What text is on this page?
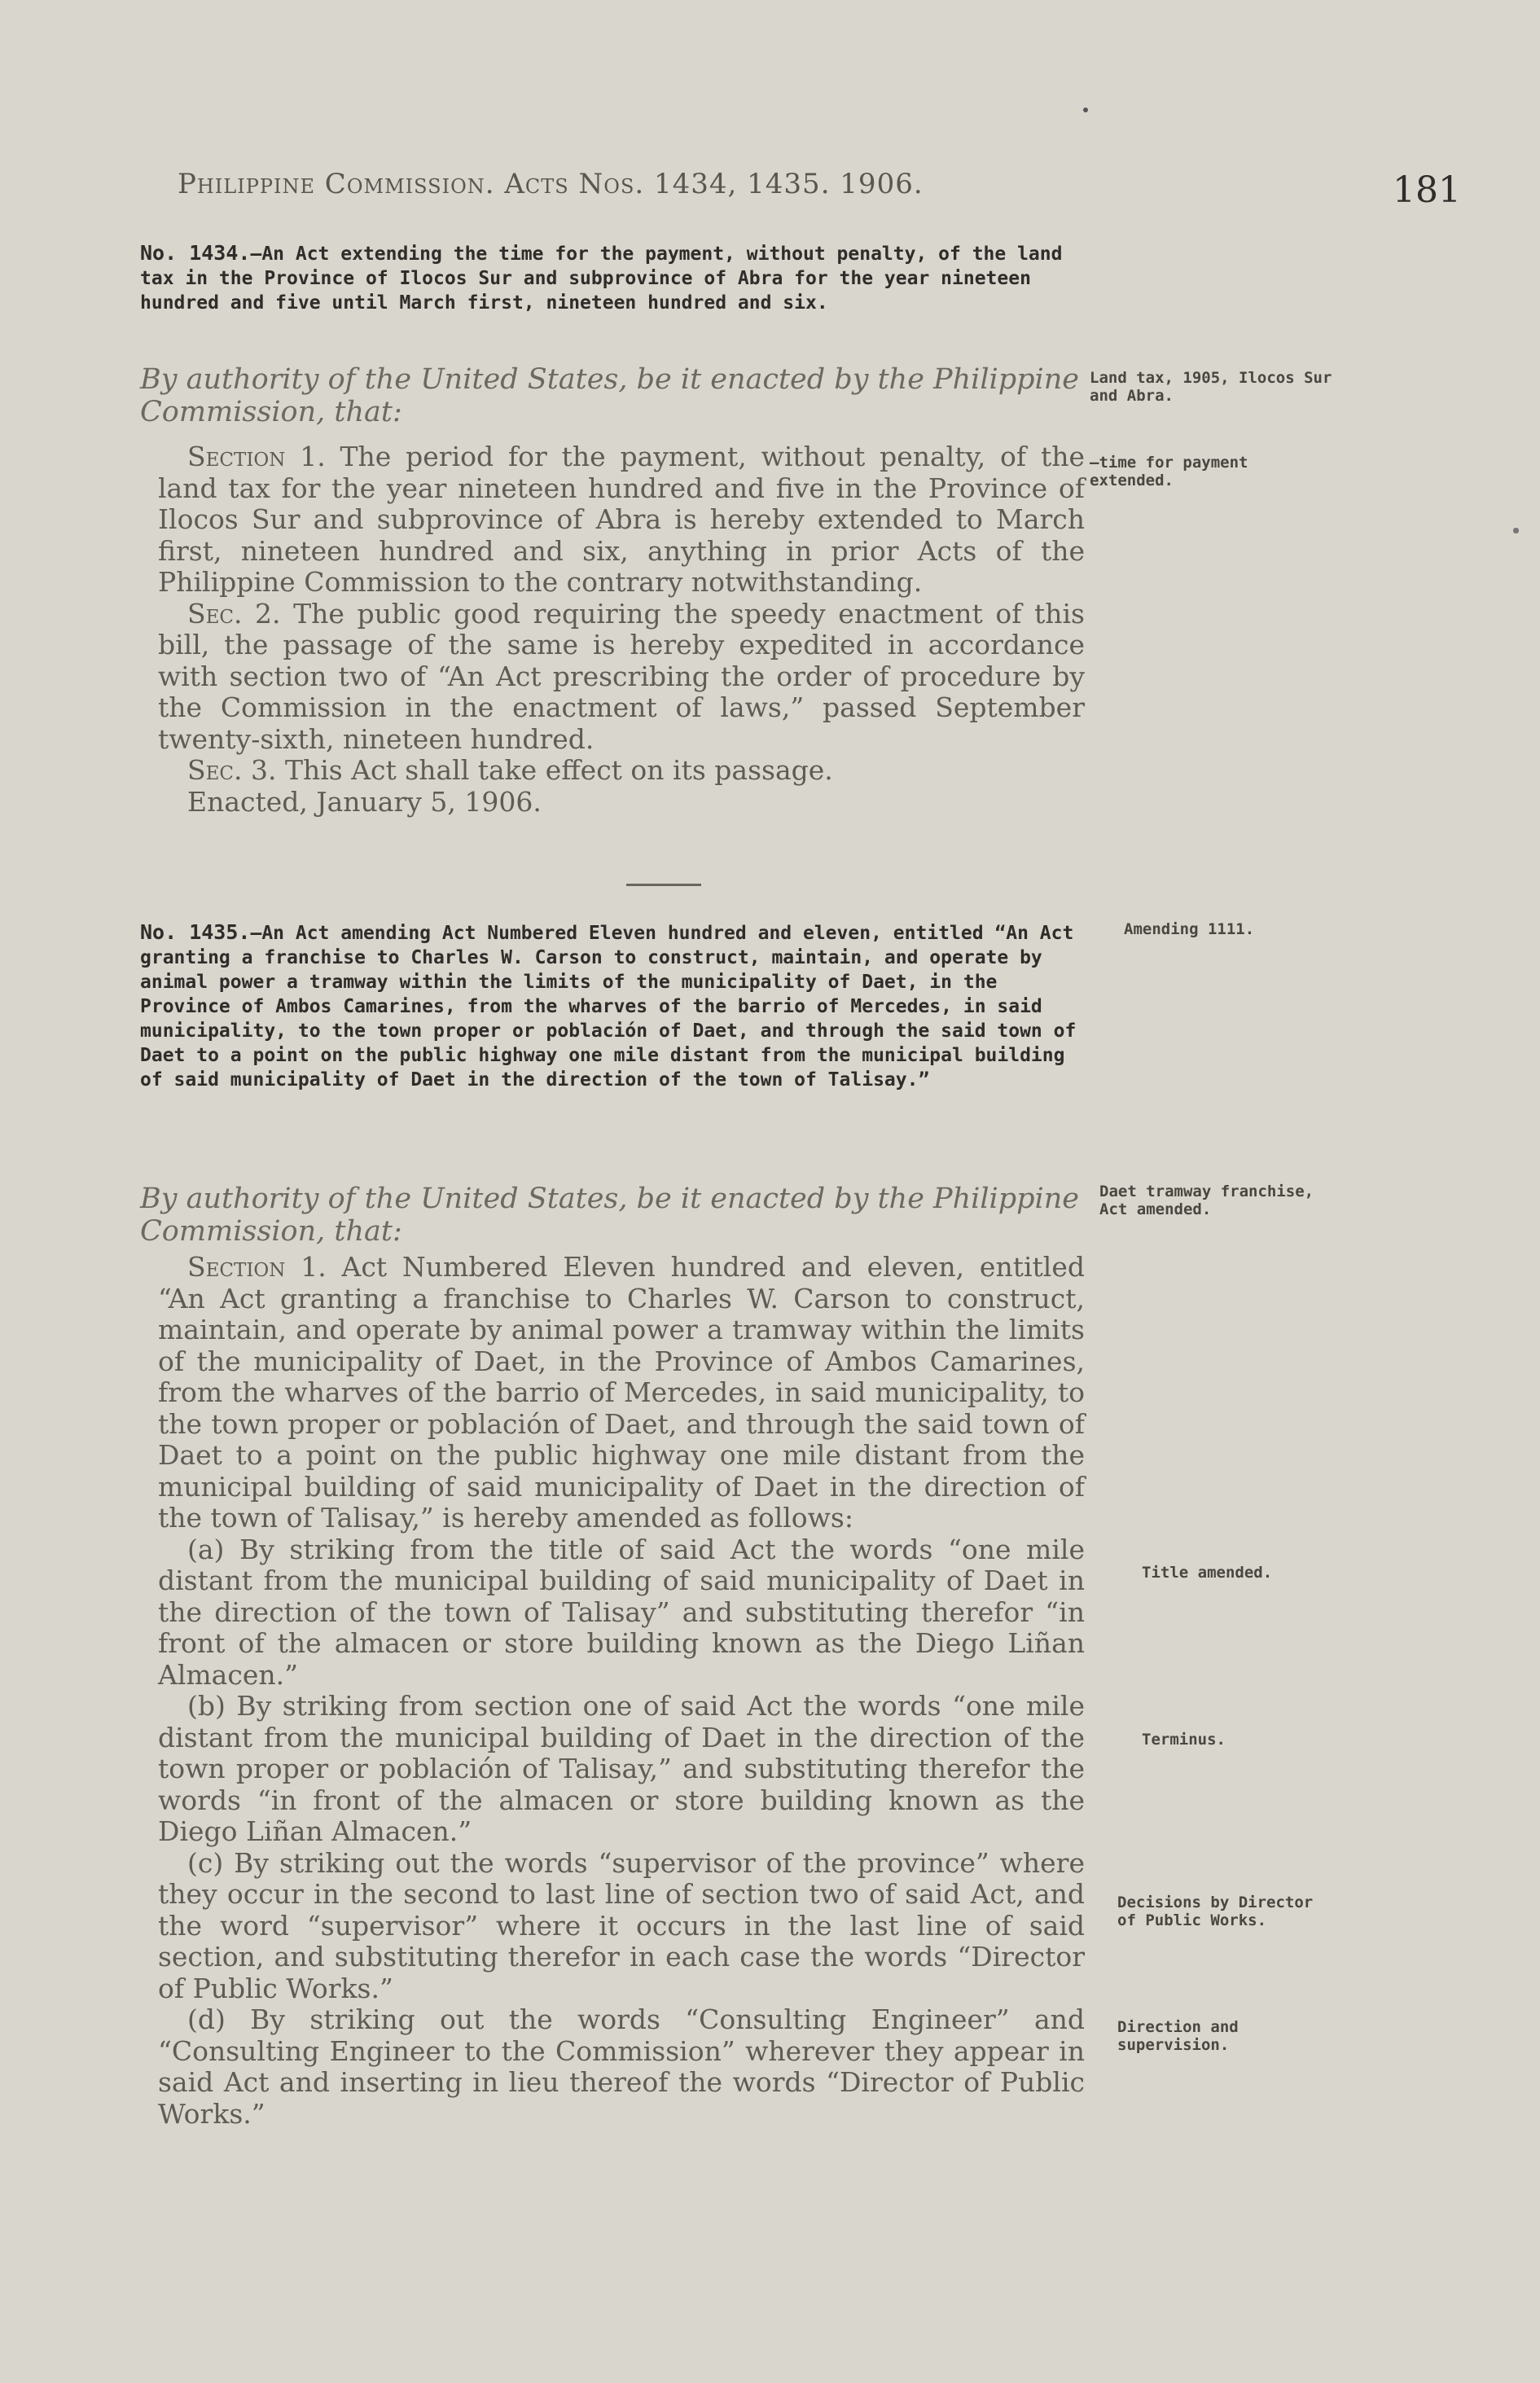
Philippine Commission. Acts Nos. 1434, 1435. 1906.	181
No. 1434.—An Act extending the time for the payment, without penalty, of the land tax in the Province of Ilocos Sur and subprovince of Abra for the year nineteen hundred and five until March first, nineteen hundred and six.
By authority of the United States, be it enacted by the Philippine Commission, that:
Land tax, 1905, Ilocos Sur and Abra.
—time for payment extended.

Section 1. The period for the payment, without penalty, of the land tax for the year nineteen hundred and five in the Province of Ilocos Sur and subprovince of Abra is hereby extended to March first, nineteen hundred and six, anything in prior Acts of the Philippine Commission to the contrary notwithstanding.

Sec. 2. The public good requiring the speedy enactment of this bill, the passage of the same is hereby expedited in accordance with section two of “An Act prescribing the order of procedure by the Commission in the enactment of laws,” passed September twenty-sixth, nineteen hundred.

Sec. 3. This Act shall take effect on its passage.

Enacted, January 5, 1906.

No. 1435.—An Act amending Act Numbered Eleven hundred and eleven, entitled “An Act granting a franchise to Charles W. Carson to construct, maintain, and operate by animal power a tramway within the limits of the municipality of Daet, in the Province of Ambos Camarines, from the wharves of the barrio of Mercedes, in said municipality, to the town proper or población of Daet, and through the said town of Daet to a point on the public highway one mile distant from the municipal building of said municipality of Daet in the direction of the town of Talisay.”
Amending 1111.
By authority of the United States, be it enacted by the Philippine Commission, that:
Daet tramway franchise, Act amended.

Section 1. Act Numbered Eleven hundred and eleven, entitled “An Act granting a franchise to Charles W. Carson to construct, maintain, and operate by animal power a tramway within the limits of the municipality of Daet, in the Province of Ambos Camarines, from the wharves of the barrio of Mercedes, in said municipality, to the town proper or población of Daet, and through the said town of Daet to a point on the public highway one mile distant from the municipal building of said municipality of Daet in the direction of the town of Talisay,” is hereby amended as follows:

(a) By striking from the title of said Act the words “one mile distant from the municipal building of said municipality of Daet in the direction of the town of Talisay” and substituting therefor “in front of the almacen or store building known as the Diego Liñan Almacen.”

(b) By striking from section one of said Act the words “one mile distant from the municipal building of Daet in the direction of the town proper or población of Talisay,” and substituting therefor the words “in front of the almacen or store building known as the Diego Liñan Almacen.”

(c) By striking out the words “supervisor of the province” where they occur in the second to last line of section two of said Act, and the word “supervisor” where it occurs in the last line of said section, and substituting therefor in each case the words “Director of Public Works.”

(d) By striking out the words “Consulting Engineer” and “Consulting Engineer to the Commission” wherever they appear in said Act and inserting in lieu thereof the words “Director of Public Works.”

Title amended.
Terminus.
Decisions by Director of Public Works.
Direction and supervision.
